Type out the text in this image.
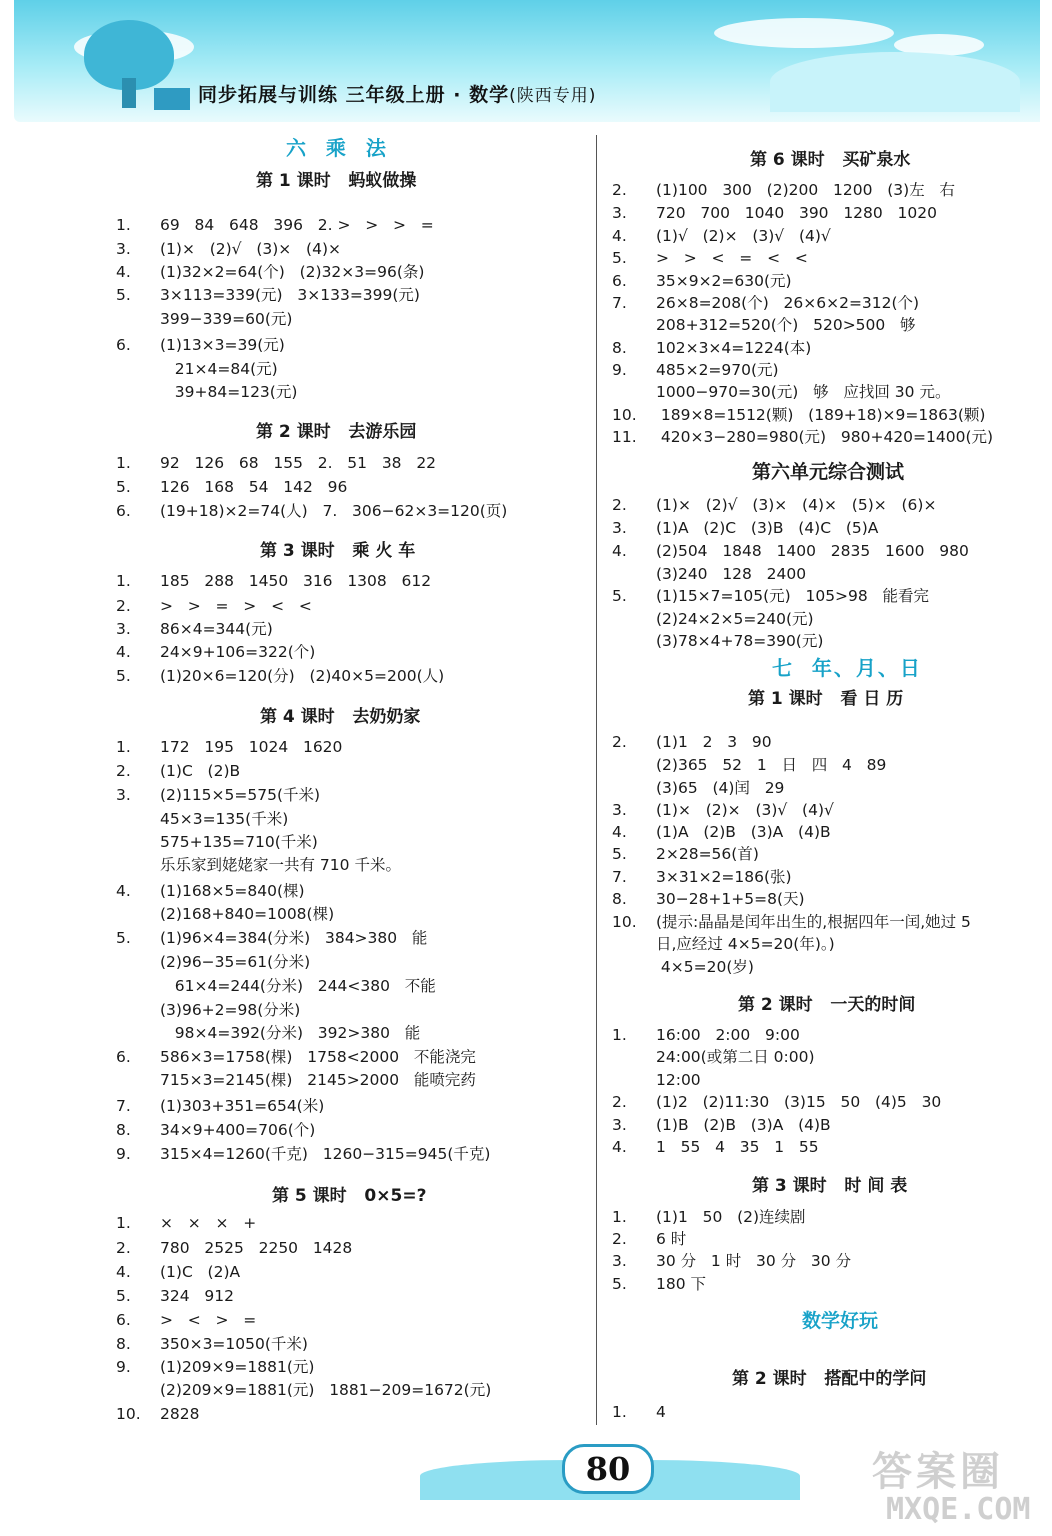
同步拓展与训练 三年级上册 · 数学(陕西专用)
六  乘  法
第 1 课时   蚂蚁做操
1. 69   84   648   396   2. >   >   >   =
3. (1)×   (2)√   (3)×   (4)×
4. (1)32×2=64(个)   (2)32×3=96(条)
5. 3×113=339(元)   3×133=399(元)
399−339=60(元)
6. (1)13×3=39(元)
21×4=84(元)
39+84=123(元)
第 2 课时   去游乐园
1. 92   126   68   155   2.   51   38   22
5. 126   168   54   142   96
6. (19+18)×2=74(人)   7.   306−62×3=120(页)
第 3 课时   乘 火 车
1. 185   288   1450   316   1308   612
2. >   >   =   >   <   <
3. 86×4=344(元)
4. 24×9+106=322(个)
5. (1)20×6=120(分)   (2)40×5=200(人)
第 4 课时   去奶奶家
1. 172   195   1024   1620
2. (1)C   (2)B
3. (2)115×5=575(千米)
45×3=135(千米)
575+135=710(千米)
乐乐家到姥姥家一共有 710 千米。
4. (1)168×5=840(棵)
(2)168+840=1008(棵)
5. (1)96×4=384(分米)   384>380   能
(2)96−35=61(分米)
61×4=244(分米)   244<380   不能
(3)96+2=98(分米)
98×4=392(分米)   392>380   能
6. 586×3=1758(棵)   1758<2000   不能浇完
715×3=2145(棵)   2145>2000   能喷完药
7. (1)303+351=654(米)
8. 34×9+400=706(个)
9. 315×4=1260(千克)   1260−315=945(千克)
第 5 课时   0×5=?
1. ×   ×   ×   +
2. 780   2525   2250   1428
4. (1)C   (2)A
5. 324   912
6. >   <   >   =
8. 350×3=1050(千米)
9. (1)209×9=1881(元)
(2)209×9=1881(元)   1881−209=1672(元)
10. 2828
第 6 课时   买矿泉水
2. (1)100   300   (2)200   1200   (3)左   右
3. 720   700   1040   390   1280   1020
4. (1)√   (2)×   (3)√   (4)√
5. >   >   <   =   <   <
6. 35×9×2=630(元)
7. 26×8=208(个)   26×6×2=312(个)
208+312=520(个)   520>500   够
8. 102×3×4=1224(本)
9. 485×2=970(元)
1000−970=30(元)   够   应找回 30 元。
10. 189×8=1512(颗)   (189+18)×9=1863(颗)
11. 420×3−280=980(元)   980+420=1400(元)
第六单元综合测试
2. (1)×   (2)√   (3)×   (4)×   (5)×   (6)×
3. (1)A   (2)C   (3)B   (4)C   (5)A
4. (2)504   1848   1400   2835   1600   980
(3)240   128   2400
5. (1)15×7=105(元)   105>98   能看完
(2)24×2×5=240(元)
(3)78×4+78=390(元)
七  年、月、日
第 1 课时   看 日 历
2. (1)1   2   3   90
(2)365   52   1   日   四   4   89
(3)65   (4)闰   29
3. (1)×   (2)×   (3)√   (4)√
4. (1)A   (2)B   (3)A   (4)B
5. 2×28=56(首)
7. 3×31×2=186(张)
8. 30−28+1+5=8(天)
10. (提示:晶晶是闰年出生的,根据四年一闰,她过 5
日,应经过 4×5=20(年)。)
4×5=20(岁)
第 2 课时   一天的时间
1. 16:00   2:00   9:00
24:00(或第二日 0:00)
12:00
2. (1)2   (2)11:30   (3)15   50   (4)5   30
3. (1)B   (2)B   (3)A   (4)B
4. 1   55   4   35   1   55
第 3 课时   时 间 表
1. (1)1   50   (2)连续剧
2. 6 时
3. 30 分   1 时   30 分   30 分
5. 180 下
数学好玩
第 2 课时   搭配中的学问
1. 4
80	答案圈
MXQE.COM
